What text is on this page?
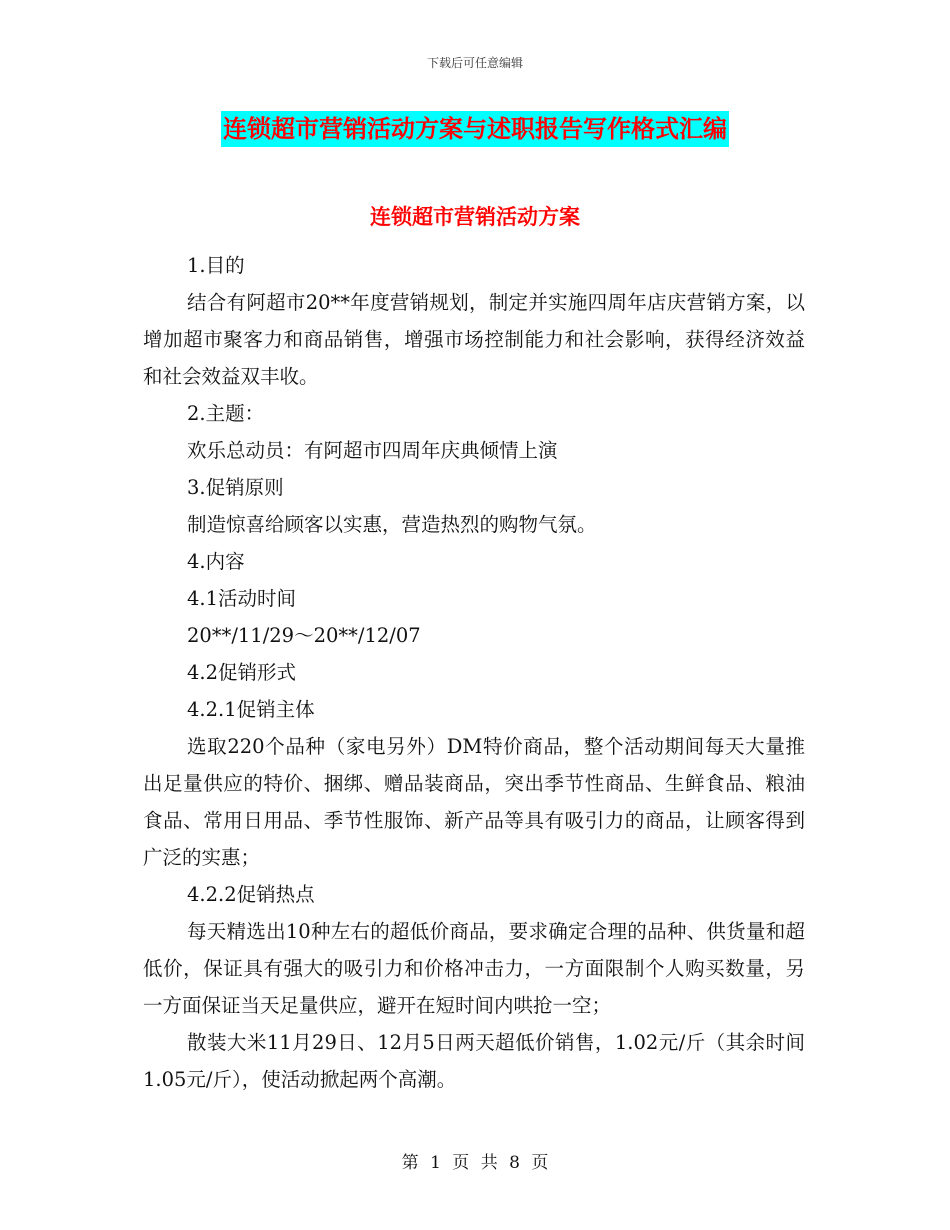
下载后可任意编辑
连锁超市营销活动方案与述职报告写作格式汇编
连锁超市营销活动方案

1.目的

结合有阿超市20**年度营销规划，制定并实施四周年店庆营销方案，以增加超市聚客力和商品销售，增强市场控制能力和社会影响，获得经济效益和社会效益双丰收。

2.主题：

欢乐总动员：有阿超市四周年庆典倾情上演

3.促销原则

制造惊喜给顾客以实惠，营造热烈的购物气氛。

4.内容

4.1活动时间

20**/11/29～20**/12/07

4.2促销形式

4.2.1促销主体

选取220个品种（家电另外）DM特价商品，整个活动期间每天大量推出足量供应的特价、捆绑、赠品装商品，突出季节性商品、生鲜食品、粮油食品、常用日用品、季节性服饰、新产品等具有吸引力的商品，让顾客得到广泛的实惠；

4.2.2促销热点

每天精选出10种左右的超低价商品，要求确定合理的品种、供货量和超低价，保证具有强大的吸引力和价格冲击力，一方面限制个人购买数量，另一方面保证当天足量供应，避开在短时间内哄抢一空；

散装大米11月29日、12月5日两天超低价销售，1.02元/斤（其余时间1.05元/斤），使活动掀起两个高潮。

第 1 页 共 8 页
